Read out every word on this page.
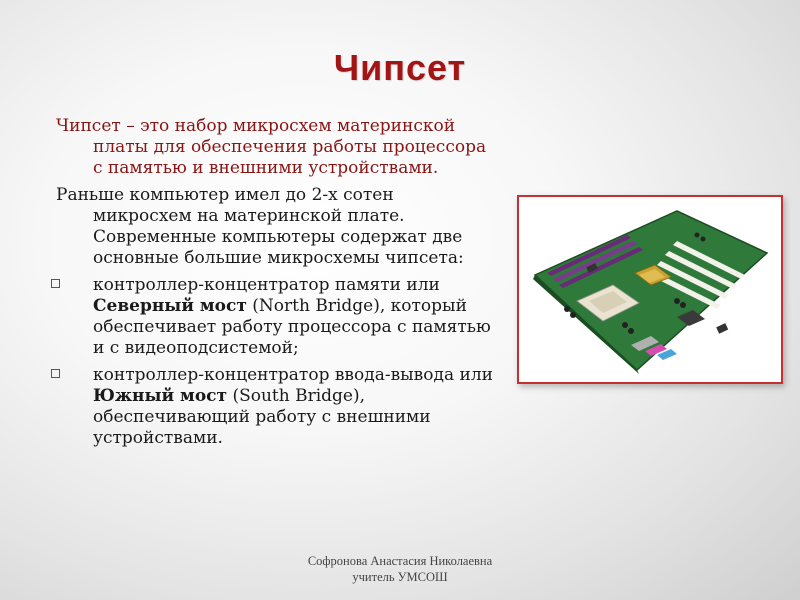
Чипсет

Чипсет – это набор микросхем материнской платы для обеспечения работы процессора с памятью и внешними устройствами.

Раньше компьютер имел до 2-х сотен микросхем на материнской плате. Современные компьютеры содержат две основные большие микросхемы чипсета:

контроллер-концентратор памяти или Северный мост (North Bridge), который обеспечивает работу процессора с памятью и с видеоподсистемой;

контроллер-концентратор ввода-вывода или Южный мост (South Bridge), обеспечивающий работу с внешними устройствами.

Софронова Анастасия Николаевна
учитель УМСОШ
